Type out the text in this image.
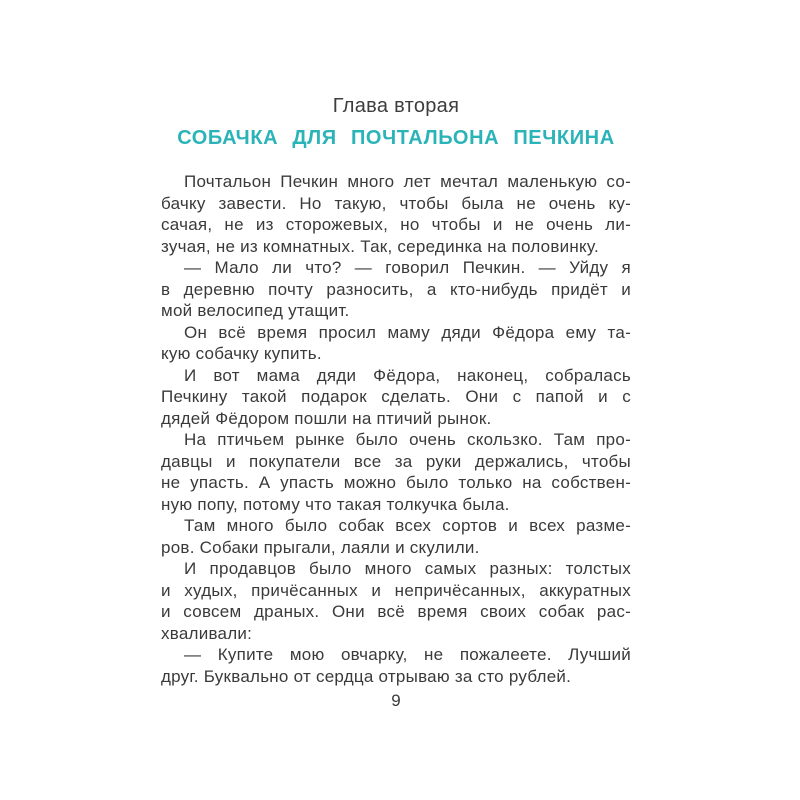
Глава вторая
СОБАЧКА ДЛЯ ПОЧТАЛЬОНА ПЕЧКИНА
Почтальон Печкин много лет мечтал маленькую со-
бачку завести. Но такую, чтобы была не очень ку-
сачая, не из сторожевых, но чтобы и не очень ли-
зучая, не из комнатных. Так, серединка на половинку.
— Мало ли что? — говорил Печкин. — Уйду я
в деревню почту разносить, а кто-нибудь придёт и
мой велосипед утащит.
Он всё время просил маму дяди Фёдора ему та-
кую собачку купить.
И вот мама дяди Фёдора, наконец, собралась
Печкину такой подарок сделать. Они с папой и с
дядей Фёдором пошли на птичий рынок.
На птичьем рынке было очень скользко. Там про-
давцы и покупатели все за руки держались, чтобы
не упасть. А упасть можно было только на собствен-
ную попу, потому что такая толкучка была.
Там много было собак всех сортов и всех разме-
ров. Собаки прыгали, лаяли и скулили.
И продавцов было много самых разных: толстых
и худых, причёсанных и непричёсанных, аккуратных
и совсем драных. Они всё время своих собак рас-
хваливали:
— Купите мою овчарку, не пожалеете. Лучший
друг. Буквально от сердца отрываю за сто рублей.
9
